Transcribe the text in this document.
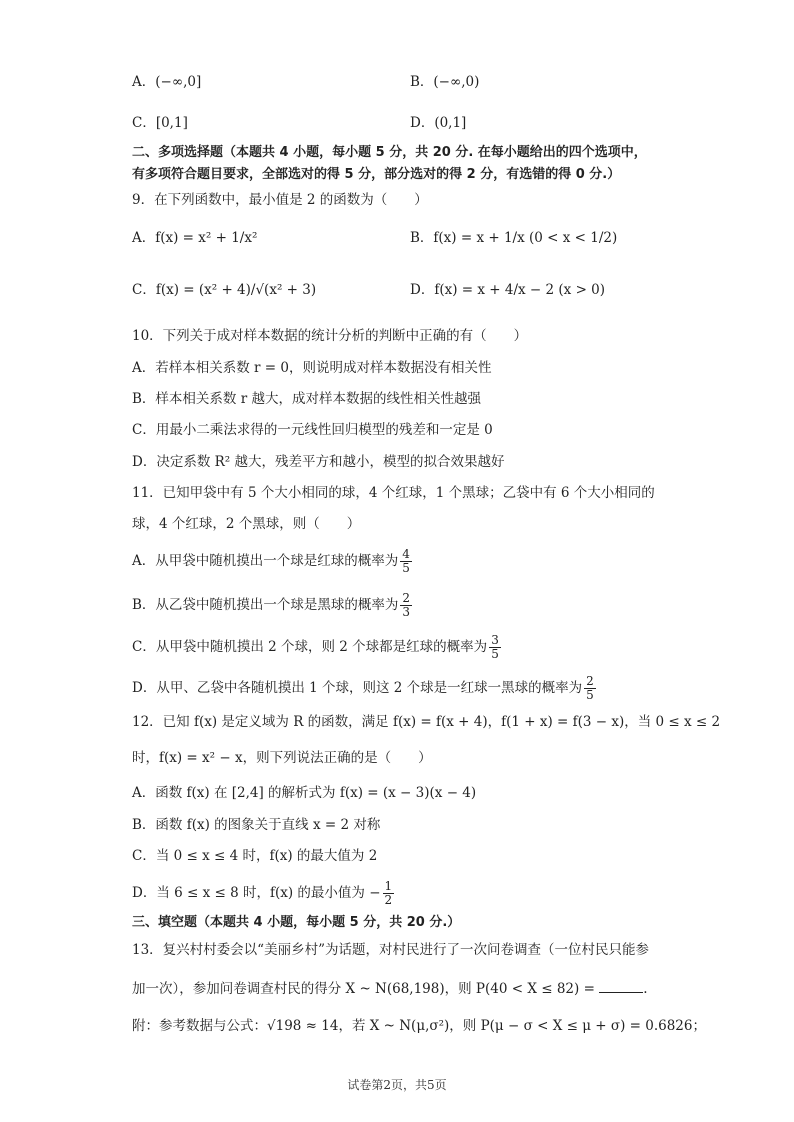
A．(−∞,0]	B．(−∞,0)
C．[0,1]	D．(0,1]
二、多项选择题（本题共 4 小题，每小题 5 分，共 20 分. 在每小题给出的四个选项中，
有多项符合题目要求，全部选对的得 5 分，部分选对的得 2 分，有选错的得 0 分.）
9．在下列函数中，最小值是 2 的函数为（　　）
A．f(x) = x² + 1/x²	B．f(x) = x + 1/x (0 < x < 1/2)
C．f(x) = (x² + 4)/√(x² + 3)	D．f(x) = x + 4/x − 2 (x > 0)
10．下列关于成对样本数据的统计分析的判断中正确的有（　　）
A．若样本相关系数 r = 0，则说明成对样本数据没有相关性
B．样本相关系数 r 越大，成对样本数据的线性相关性越强
C．用最小二乘法求得的一元线性回归模型的残差和一定是 0
D．决定系数 R² 越大，残差平方和越小，模型的拟合效果越好
11．已知甲袋中有 5 个大小相同的球，4 个红球，1 个黑球；乙袋中有 6 个大小相同的
球，4 个红球，2 个黑球，则（　　）
A．从甲袋中随机摸出一个球是红球的概率为 $\frac{4}{5}$
B．从乙袋中随机摸出一个球是黑球的概率为 $\frac{2}{3}$
C．从甲袋中随机摸出 2 个球，则 2 个球都是红球的概率为 $\frac{3}{5}$
D．从甲、乙袋中各随机摸出 1 个球，则这 2 个球是一红球一黑球的概率为 $\frac{2}{5}$
12．已知 f(x) 是定义域为 R 的函数，满足 f(x) = f(x + 4)，f(1 + x) = f(3 − x)，当 0 ≤ x ≤ 2
时，f(x) = x² − x，则下列说法正确的是（　　）
A．函数 f(x) 在 [2,4] 的解析式为 f(x) = (x − 3)(x − 4)
B．函数 f(x) 的图象关于直线 x = 2 对称
C．当 0 ≤ x ≤ 4 时，f(x) 的最大值为 2
D．当 6 ≤ x ≤ 8 时，f(x) 的最小值为 − $\frac{1}{2}$
三、填空题（本题共 4 小题，每小题 5 分，共 20 分.）
13．复兴村村委会以“美丽乡村”为话题，对村民进行了一次问卷调查（一位村民只能参
加一次），参加问卷调查村民的得分 X ~ N(68,198)，则 P(40 < X ≤ 82) =	.
附：参考数据与公式：√198 ≈ 14，若 X ~ N(μ,σ²)，则 P(μ − σ < X ≤ μ + σ) = 0.6826；
试卷第2页，共5页
